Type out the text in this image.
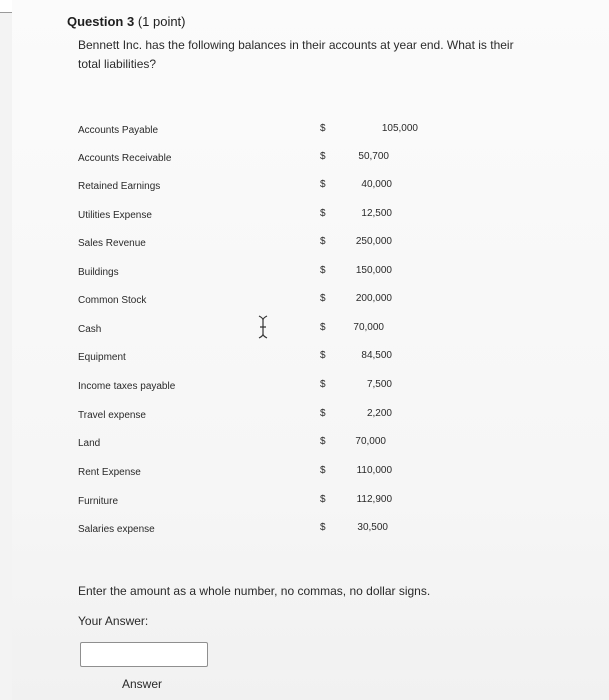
Question 3 (1 point)
Bennett Inc. has the following balances in their accounts at year end. What is their total liabilities?
Accounts Payable	$	105,000
Accounts Receivable	$	50,700
Retained Earnings	$	40,000
Utilities Expense	$	12,500
Sales Revenue	$	250,000
Buildings	$	150,000
Common Stock	$	200,000
Cash	$	70,000
Equipment	$	84,500
Income taxes payable	$	7,500
Travel expense	$	2,200
Land	$	70,000
Rent Expense	$	110,000
Furniture	$	112,900
Salaries expense	$	30,500
Enter the amount as a whole number, no commas, no dollar signs.
Your Answer:
Answer
